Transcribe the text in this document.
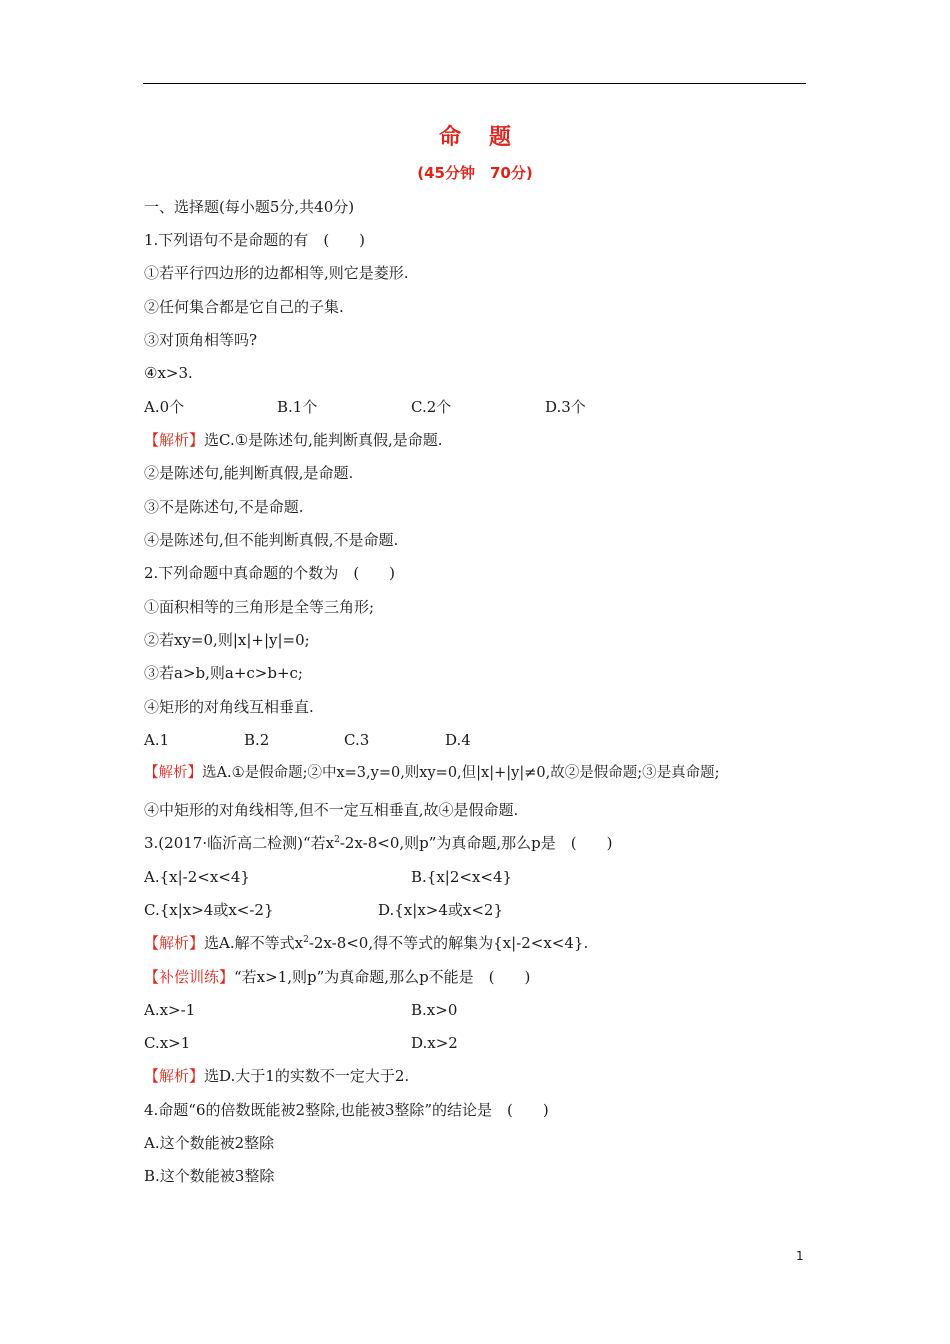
命题
(45分钟　70分)
一、选择题(每小题5分,共40分)
1.下列语句不是命题的有　(　　)
①若平行四边形的边都相等,则它是菱形.
②任何集合都是它自己的子集.
③对顶角相等吗?
④x>3.
A.0个	B.1个	C.2个	D.3个
【解析】选C.①是陈述句,能判断真假,是命题.
②是陈述句,能判断真假,是命题.
③不是陈述句,不是命题.
④是陈述句,但不能判断真假,不是命题.
2.下列命题中真命题的个数为　(　　)
①面积相等的三角形是全等三角形;
②若xy=0,则|x|+|y|=0;
③若a>b,则a+c>b+c;
④矩形的对角线互相垂直.
A.1	B.2	C.3	D.4
【解析】选A.①是假命题;②中x=3,y=0,则xy=0,但|x|+|y|≠0,故②是假命题;③是真命题;
④中矩形的对角线相等,但不一定互相垂直,故④是假命题.
3.(2017·临沂高二检测)“若$x^2-2x-8<0$,则p”为真命题,那么p是　(　　)
A.{x|-2<x<4}	B.{x|2<x<4}
C.{x|x>4或x<-2}	D.{x|x>4或x<2}
【解析】选A.解不等式$x^2-2x-8<0$,得不等式的解集为{x|-2<x<4}.
【补偿训练】“若x>1,则p”为真命题,那么p不能是　(　　)
A.x>-1	B.x>0
C.x>1	D.x>2
【解析】选D.大于1的实数不一定大于2.
4.命题“6的倍数既能被2整除,也能被3整除”的结论是　(　　)
A.这个数能被2整除
B.这个数能被3整除
1
